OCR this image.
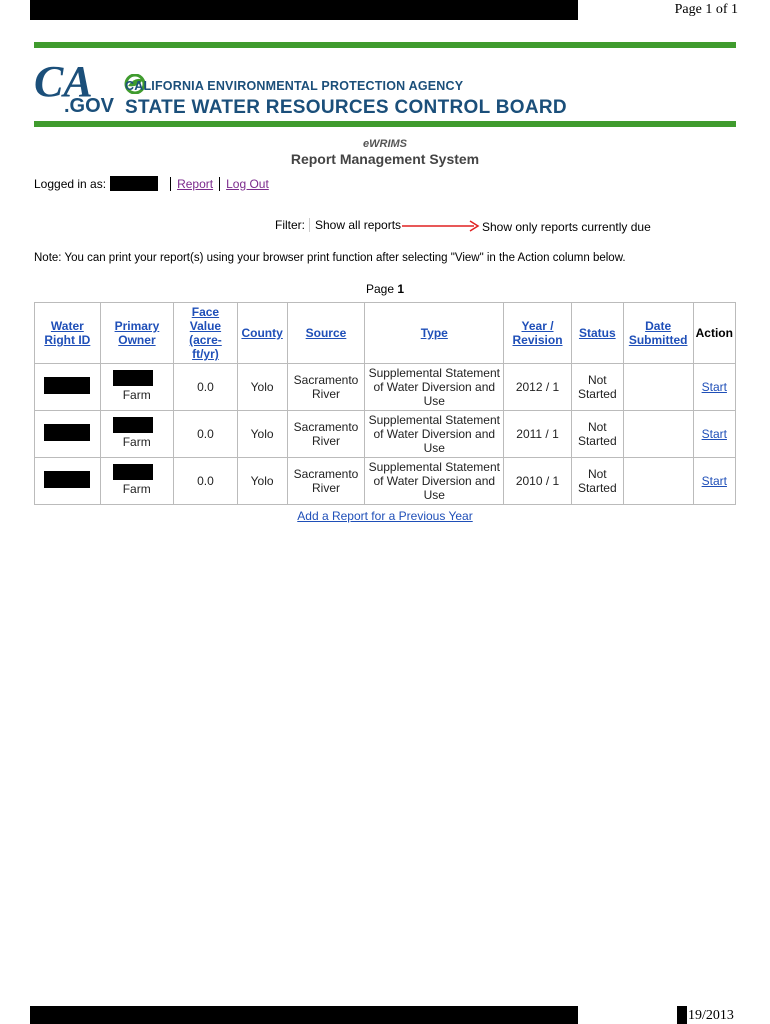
Page 1 of 1
CA
.GOV
CALIFORNIA ENVIRONMENTAL PROTECTION AGENCY
STATE WATER RESOURCES CONTROL BOARD
eWRIMS
Report Management System
Logged in as:	Report Log Out
Filter: Show all reports	Show only reports currently due
Note: You can print your report(s) using your browser print function after selecting "View" in the Action column below.
Page 1
Water Right ID	Primary Owner	Face Value (acre-ft/yr)	County	Source	Type	Year / Revision	Status	Date Submitted	Action

	Farm	0.0	Yolo	Sacramento River	Supplemental Statement of Water Diversion and Use	2012 / 1	Not Started		Start

	Farm	0.0	Yolo	Sacramento River	Supplemental Statement of Water Diversion and Use	2011 / 1	Not Started		Start

	Farm	0.0	Yolo	Sacramento River	Supplemental Statement of Water Diversion and Use	2010 / 1	Not Started		Start
Add a Report for a Previous Year
19/2013
